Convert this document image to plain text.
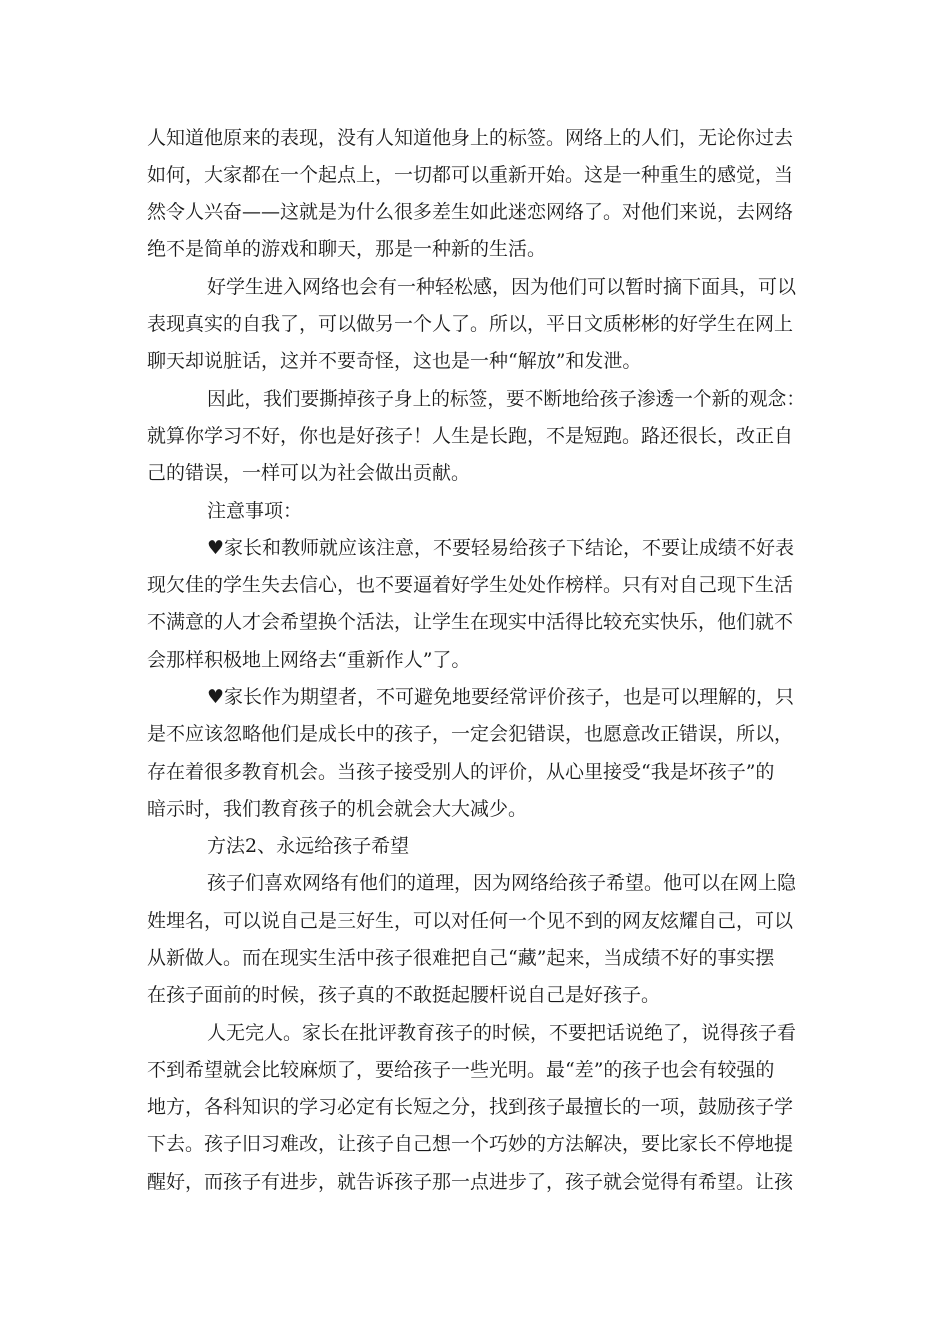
人知道他原来的表现，没有人知道他身上的标签。网络上的人们，无论你过去
如何，大家都在一个起点上，一切都可以重新开始。这是一种重生的感觉，当
然令人兴奋——这就是为什么很多差生如此迷恋网络了。对他们来说，去网络
绝不是简单的游戏和聊天，那是一种新的生活。
好学生进入网络也会有一种轻松感，因为他们可以暂时摘下面具，可以
表现真实的自我了，可以做另一个人了。所以，平日文质彬彬的好学生在网上
聊天却说脏话，这并不要奇怪，这也是一种“解放”和发泄。
因此，我们要撕掉孩子身上的标签，要不断地给孩子渗透一个新的观念：
就算你学习不好，你也是好孩子！人生是长跑，不是短跑。路还很长，改正自
己的错误，一样可以为社会做出贡献。
注意事项：
♥家长和教师就应该注意，不要轻易给孩子下结论，不要让成绩不好表
现欠佳的学生失去信心，也不要逼着好学生处处作榜样。只有对自己现下生活
不满意的人才会希望换个活法，让学生在现实中活得比较充实快乐，他们就不
会那样积极地上网络去“重新作人”了。
♥家长作为期望者，不可避免地要经常评价孩子，也是可以理解的，只
是不应该忽略他们是成长中的孩子，一定会犯错误，也愿意改正错误，所以，
存在着很多教育机会。当孩子接受别人的评价，从心里接受“我是坏孩子”的
暗示时，我们教育孩子的机会就会大大减少。
方法2、永远给孩子希望
孩子们喜欢网络有他们的道理，因为网络给孩子希望。他可以在网上隐
姓埋名，可以说自己是三好生，可以对任何一个见不到的网友炫耀自己，可以
从新做人。而在现实生活中孩子很难把自己“藏”起来，当成绩不好的事实摆
在孩子面前的时候，孩子真的不敢挺起腰杆说自己是好孩子。
人无完人。家长在批评教育孩子的时候，不要把话说绝了，说得孩子看
不到希望就会比较麻烦了，要给孩子一些光明。最“差”的孩子也会有较强的
地方，各科知识的学习必定有长短之分，找到孩子最擅长的一项，鼓励孩子学
下去。孩子旧习难改，让孩子自己想一个巧妙的方法解决，要比家长不停地提
醒好，而孩子有进步，就告诉孩子那一点进步了，孩子就会觉得有希望。让孩
